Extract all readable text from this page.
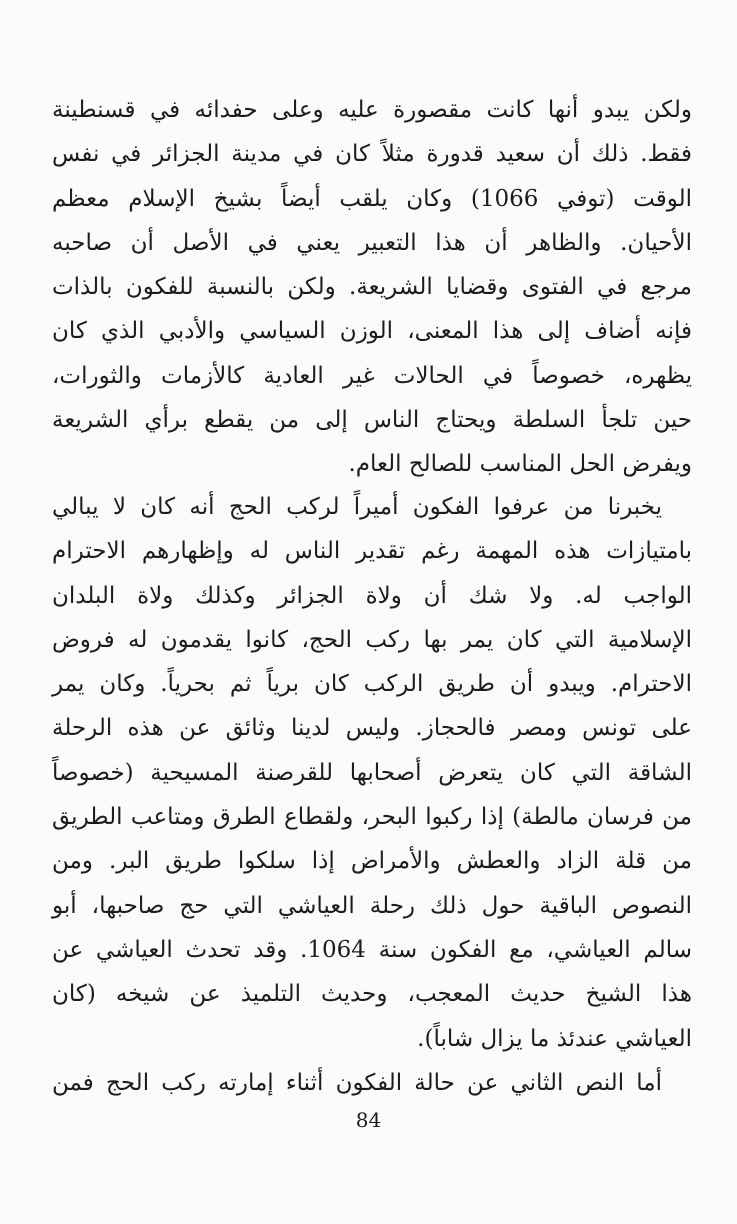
ولكن يبدو أنها كانت مقصورة عليه وعلى حفدائه في قسنطينة
فقط. ذلك أن سعيد قدورة مثلاً كان في مدينة الجزائر في نفس
الوقت (توفي 1066) وكان يلقب أيضاً بشيخ الإسلام معظم
الأحيان. والظاهر أن هذا التعبير يعني في الأصل أن صاحبه
مرجع في الفتوى وقضايا الشريعة. ولكن بالنسبة للفكون بالذات
فإنه أضاف إلى هذا المعنى، الوزن السياسي والأدبي الذي كان
يظهره، خصوصاً في الحالات غير العادية كالأزمات والثورات،
حين تلجأ السلطة ويحتاج الناس إلى من يقطع برأي الشريعة
ويفرض الحل المناسب للصالح العام.
يخبرنا من عرفوا الفكون أميراً لركب الحج أنه كان لا يبالي
بامتيازات هذه المهمة رغم تقدير الناس له وإظهارهم الاحترام
الواجب له. ولا شك أن ولاة الجزائر وكذلك ولاة البلدان
الإسلامية التي كان يمر بها ركب الحج، كانوا يقدمون له فروض
الاحترام. ويبدو أن طريق الركب كان برياً ثم بحرياً. وكان يمر
على تونس ومصر فالحجاز. وليس لدينا وثائق عن هذه الرحلة
الشاقة التي كان يتعرض أصحابها للقرصنة المسيحية (خصوصاً
من فرسان مالطة) إذا ركبوا البحر، ولقطاع الطرق ومتاعب الطريق
من قلة الزاد والعطش والأمراض إذا سلكوا طريق البر. ومن
النصوص الباقية حول ذلك رحلة العياشي التي حج صاحبها، أبو
سالم العياشي، مع الفكون سنة 1064. وقد تحدث العياشي عن
هذا الشيخ حديث المعجب، وحديث التلميذ عن شيخه (كان
العياشي عندئذ ما يزال شاباً).
أما النص الثاني عن حالة الفكون أثناء إمارته ركب الحج فمن
84
